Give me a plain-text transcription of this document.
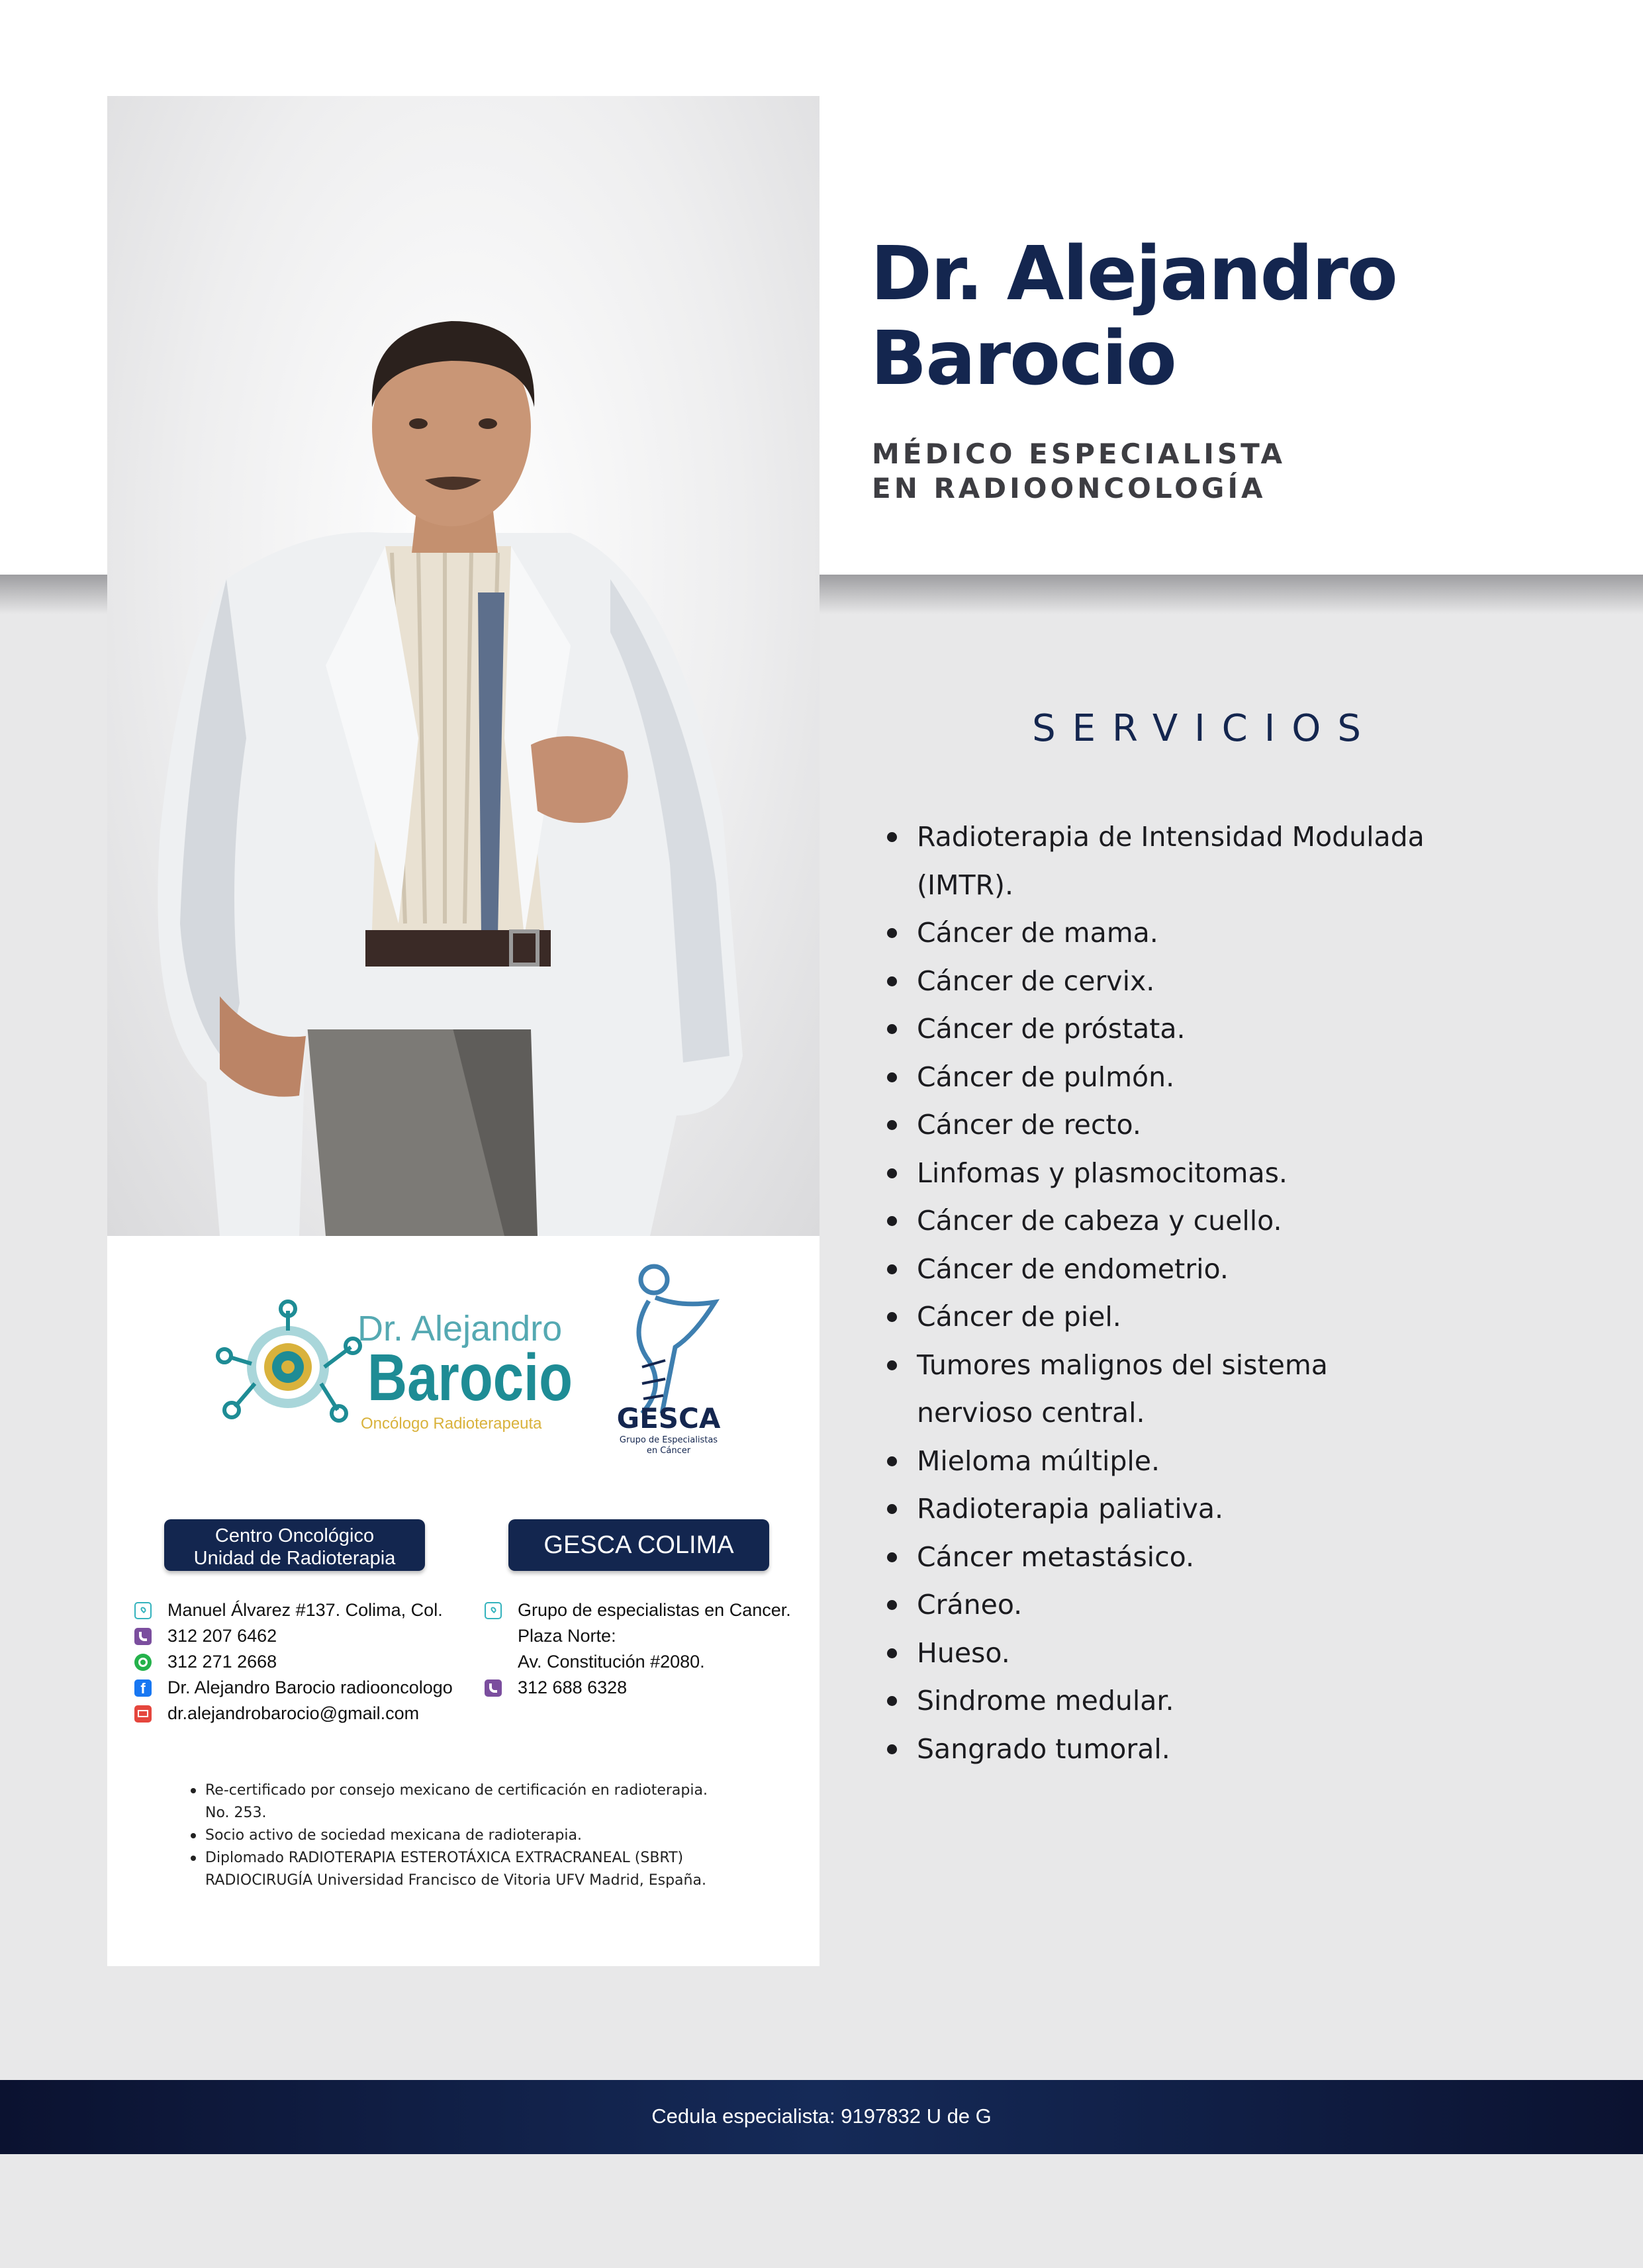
Dr. Alejandro
Barocio
Oncólogo Radioterapeuta	GESCA
Grupo de Especialistas
en Cáncer
Centro Oncológico
Unidad de Radioterapia	GESCA COLIMA
Manuel Álvarez #137. Colima, Col.
312 207 6462
312 271 2668
f	Dr. Alejandro Barocio radiooncologo
dr.alejandrobarocio@gmail.com
Grupo de especialistas en Cancer.
Plaza Norte:
Av. Constitución #2080.
312 688 6328
Re-certificado por consejo mexicano de certificación en radioterapia.
No. 253.
Socio activo de sociedad mexicana de radioterapia.
Diplomado RADIOTERAPIA ESTEROTÁXICA EXTRACRANEAL (SBRT)
RADIOCIRUGÍA Universidad Francisco de Vitoria UFV Madrid, España.
Dr. Alejandro
Barocio
MÉDICO ESPECIALISTA
EN RADIOONCOLOGÍA
SERVICIOS
Radioterapia de Intensidad Modulada
(IMTR).
Cáncer de mama.
Cáncer de cervix.
Cáncer de próstata.
Cáncer de pulmón.
Cáncer de recto.
Linfomas y plasmocitomas.
Cáncer de cabeza y cuello.
Cáncer de endometrio.
Cáncer de piel.
Tumores malignos del sistema
nervioso central.
Mieloma múltiple.
Radioterapia paliativa.
Cáncer metastásico.
Cráneo.
Hueso.
Sindrome medular.
Sangrado tumoral.
Cedula especialista: 9197832 U de G
